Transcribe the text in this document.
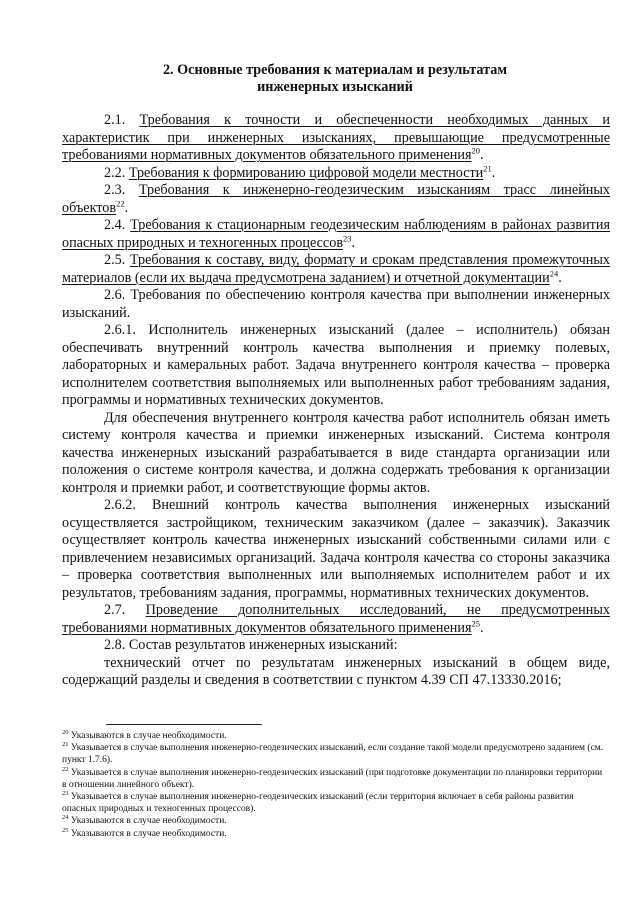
2. Основные требования к материалам и результатам
инженерных изысканий

2.1. Требования к точности и обеспеченности необходимых данных и характеристик при инженерных изысканиях, превышающие предусмотренные требованиями нормативных документов обязательного применения$^{20}$.

2.2. Требования к формированию цифровой модели местности$^{21}$.

2.3. Требования к инженерно-геодезическим изысканиям трасс линейных объектов$^{22}$.

2.4. Требования к стационарным геодезическим наблюдениям в районах развития опасных природных и техногенных процессов$^{23}$.

2.5. Требования к составу, виду, формату и срокам представления промежуточных материалов (если их выдача предусмотрена заданием) и отчетной документации$^{24}$.

2.6. Требования по обеспечению контроля качества при выполнении инженерных изысканий.

2.6.1. Исполнитель инженерных изысканий (далее – исполнитель) обязан обеспечивать внутренний контроль качества выполнения и приемку полевых, лабораторных и камеральных работ. Задача внутреннего контроля качества – проверка исполнителем соответствия выполняемых или выполненных работ требованиям задания, программы и нормативных технических документов.

Для обеспечения внутреннего контроля качества работ исполнитель обязан иметь систему контроля качества и приемки инженерных изысканий. Система контроля качества инженерных изысканий разрабатывается в виде стандарта организации или положения о системе контроля качества, и должна содержать требования к организации контроля и приемки работ, и соответствующие формы актов.

2.6.2. Внешний контроль качества выполнения инженерных изысканий осуществляется застройщиком, техническим заказчиком (далее – заказчик). Заказчик осуществляет контроль качества инженерных изысканий собственными силами или с привлечением независимых организаций. Задача контроля качества со стороны заказчика – проверка соответствия выполненных или выполняемых исполнителем работ и их результатов, требованиям задания, программы, нормативных технических документов.

2.7. Проведение дополнительных исследований, не предусмотренных требованиями нормативных документов обязательного применения$^{25}$.

2.8. Состав результатов инженерных изысканий:

технический отчет по результатам инженерных изысканий в общем виде, содержащий разделы и сведения в соответствии с пунктом 4.39 СП 47.13330.2016;

$^{20}$ Указываются в случае необходимости.

$^{21}$ Указывается в случае выполнения инженерно-геодезических изысканий, если создание такой модели предусмотрено заданием (см. пункт 1.7.6).

$^{22}$ Указывается в случае выполнения инженерно-геодезических изысканий (при подготовке документации по планировки территории в отношении линейного объект).

$^{23}$ Указывается в случае выполнения инженерно-геодезических изысканий (если территория включает в себя районы развития опасных природных и техногенных процессов).

$^{24}$ Указываются в случае необходимости.

$^{25}$ Указываются в случае необходимости.
